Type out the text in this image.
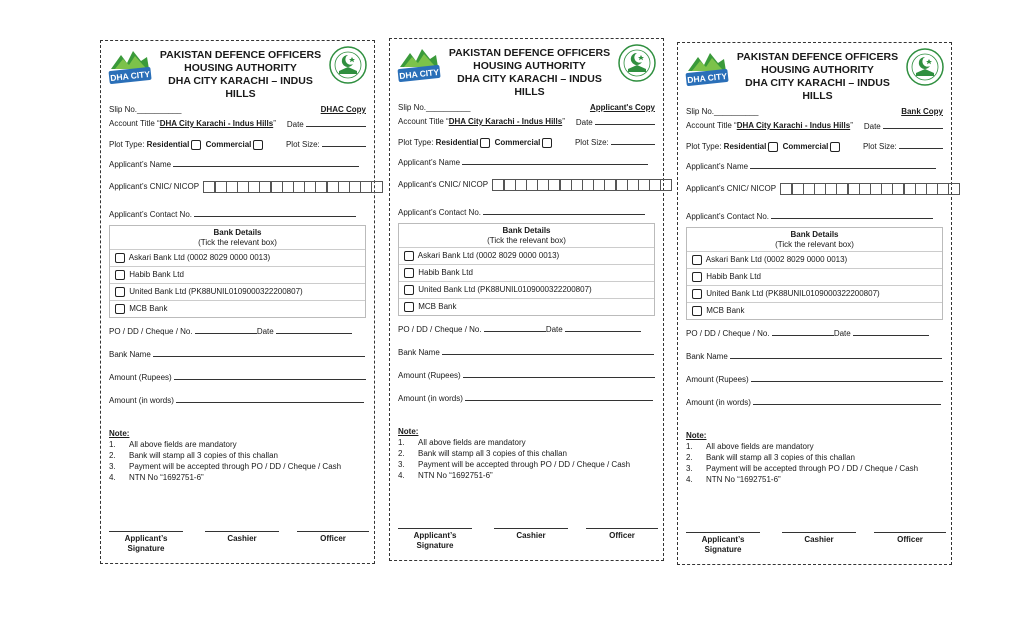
DHA CITY
PAKISTAN DEFENCE OFFICERS
HOUSING AUTHORITY
DHA CITY KARACHI – INDUS HILLS
Slip No.__________	DHAC Copy
Account Title “DHA City Karachi - Indus Hills” Date
Plot Type: Residential Commercial	Plot Size:
Applicant’s Name
Applicant’s CNIC/ NICOP
Applicant’s Contact No.
Bank Details
(Tick the relevant box)
Askari Bank Ltd (0002 8029 0000 0013)
Habib Bank Ltd
United Bank Ltd (PK88UNIL0109000322200807)
MCB Bank
PO / DD / Cheque / No.	Date
Bank Name
Amount (Rupees)
Amount (in words)
Note:
1.	All above fields are mandatory
2.	Bank will stamp all 3 copies of this challan
3.	Payment will be accepted through PO / DD / Cheque / Cash
4.	NTN No “1692751-6”
Applicant’s Signature
Cashier	Officer
DHA CITY
PAKISTAN DEFENCE OFFICERS
HOUSING AUTHORITY
DHA CITY KARACHI – INDUS HILLS
Slip No.__________	Applicant's Copy
Account Title “DHA City Karachi - Indus Hills” Date
Plot Type: Residential Commercial	Plot Size:
Applicant’s Name
Applicant’s CNIC/ NICOP
Applicant’s Contact No.
Bank Details
(Tick the relevant box)
Askari Bank Ltd (0002 8029 0000 0013)
Habib Bank Ltd
United Bank Ltd (PK88UNIL0109000322200807)
MCB Bank
PO / DD / Cheque / No.	Date
Bank Name
Amount (Rupees)
Amount (in words)
Note:
1.	All above fields are mandatory
2.	Bank will stamp all 3 copies of this challan
3.	Payment will be accepted through PO / DD / Cheque / Cash
4.	NTN No “1692751-6”
Applicant’s Signature
Cashier	Officer
DHA CITY
PAKISTAN DEFENCE OFFICERS
HOUSING AUTHORITY
DHA CITY KARACHI – INDUS HILLS
Slip No.__________	Bank Copy
Account Title “DHA City Karachi - Indus Hills” Date
Plot Type: Residential Commercial	Plot Size:
Applicant’s Name
Applicant’s CNIC/ NICOP
Applicant’s Contact No.
Bank Details
(Tick the relevant box)
Askari Bank Ltd (0002 8029 0000 0013)
Habib Bank Ltd
United Bank Ltd (PK88UNIL0109000322200807)
MCB Bank
PO / DD / Cheque / No.	Date
Bank Name
Amount (Rupees)
Amount (in words)
Note:
1.	All above fields are mandatory
2.	Bank will stamp all 3 copies of this challan
3.	Payment will be accepted through PO / DD / Cheque / Cash
4.	NTN No “1692751-6”
Applicant’s Signature
Cashier	Officer
